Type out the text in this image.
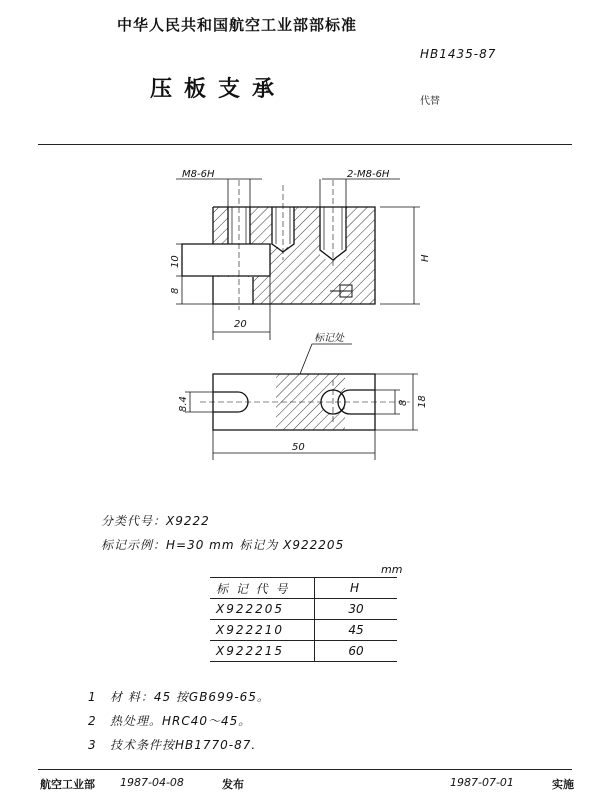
中华人民共和国航空工业部部标准
HB1435-87
压板支承	代替
M8-6H	2-M8-6H
H
10
8
20
标记处
8.4	8 18
50
分类代号：X9222
标记示例：H=30 mm 标记为 X922205
mm
标 记 代 号	H
X922205	30
X922210	45
X922215	60
1 材 料：45 按GB699-65。
2 热处理。HRC40～45。
3 技术条件按HB1770-87.
航空工业部 1987-04-08	发布	1987-07-01	实施
